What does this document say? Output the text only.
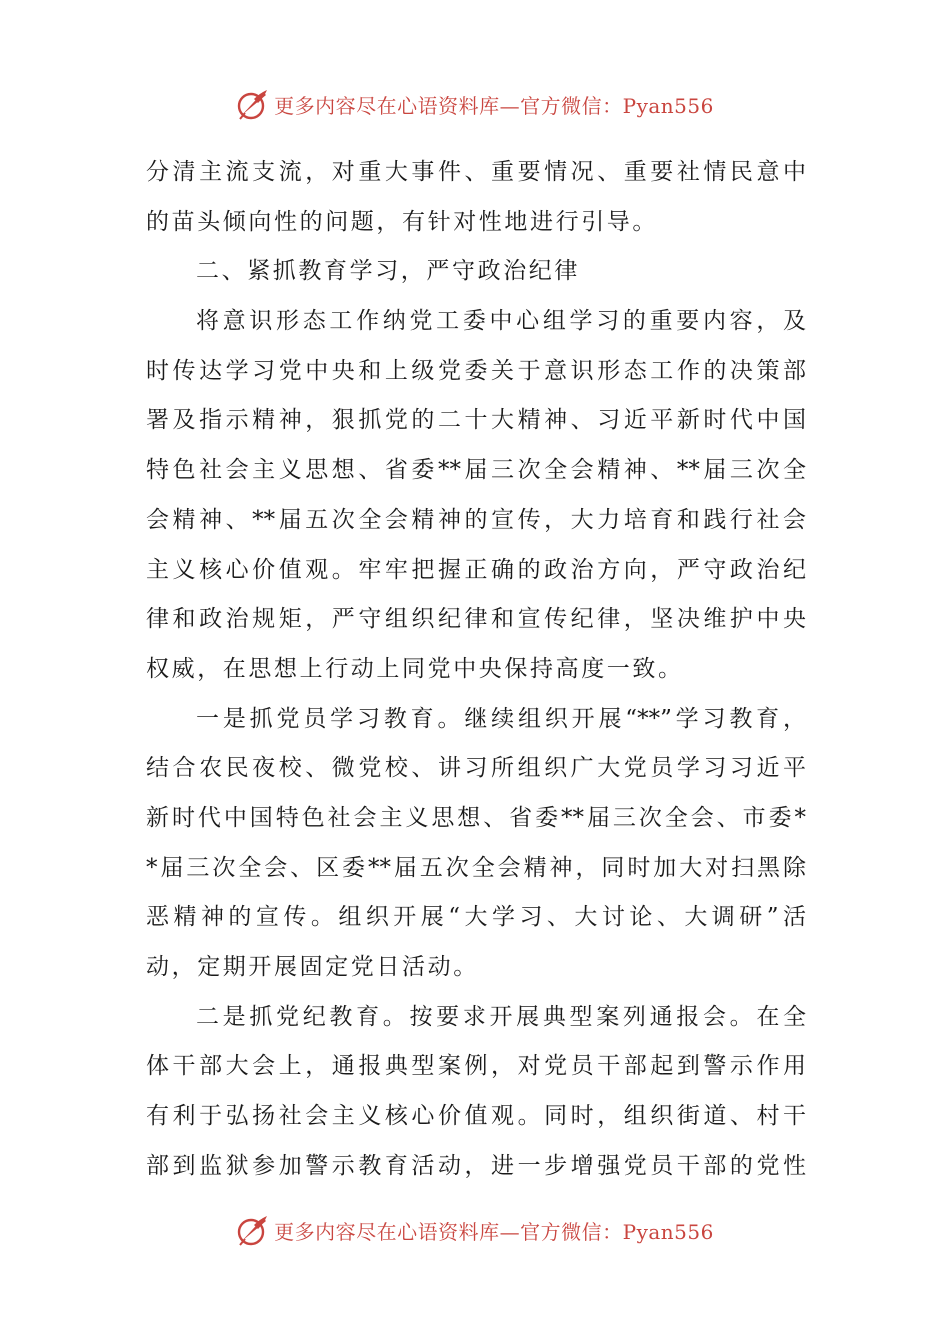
更多内容尽在心语资料库—官方微信：Pyan556
分清主流支流，对重大事件、重要情况、重要社情民意中
的苗头倾向性的问题，有针对性地进行引导。
二、紧抓教育学习，严守政治纪律
将意识形态工作纳党工委中心组学习的重要内容，及
时传达学习党中央和上级党委关于意识形态工作的决策部
署及指示精神，狠抓党的二十大精神、习近平新时代中国
特色社会主义思想、省委**届三次全会精神、**届三次全
会精神、**届五次全会精神的宣传，大力培育和践行社会
主义核心价值观。牢牢把握正确的政治方向，严守政治纪
律和政治规矩，严守组织纪律和宣传纪律，坚决维护中央
权威，在思想上行动上同党中央保持高度一致。
一是抓党员学习教育。继续组织开展“**”学习教育，
结合农民夜校、微党校、讲习所组织广大党员学习习近平
新时代中国特色社会主义思想、省委**届三次全会、市委*
*届三次全会、区委**届五次全会精神，同时加大对扫黑除
恶精神的宣传。组织开展“大学习、大讨论、大调研”活
动，定期开展固定党日活动。
二是抓党纪教育。按要求开展典型案列通报会。在全
体干部大会上，通报典型案例，对党员干部起到警示作用
有利于弘扬社会主义核心价值观。同时，组织街道、村干
部到监狱参加警示教育活动，进一步增强党员干部的党性
更多内容尽在心语资料库—官方微信：Pyan556
